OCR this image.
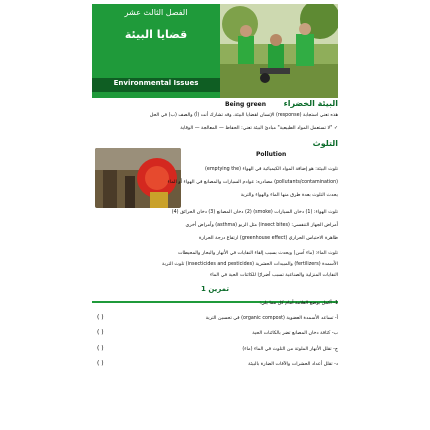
الفصل الثالث عشر
قضايا البيئة
Environmental Issues
Being green البيئة الخضراء
هذه تعني استجابة (response) الإنسان لقضايا البيئة، وقد تشارك أنت (أ) والصف (ب) في الحل
✓ "لا تستعمل المواد الطبيعية" مبادئ البيئة تعني: الحفاظ — المعالجة — الوقاية
التلوث
Pollution
تلوث البيئة: هو إضافة المواد الكيميائية في الهواء (emptying the)
(pollutants/contamination) مصادره: عوادم السيارات والمصانع في الهواء أو الماء
يحدث التلوث بعدة طرق منها الماء والهواء والتربة
تلوث الهواء: (1) دخان السيارات (smoke) (2) دخان المصانع (3) دخان الحرائق (4)
أمراض الجهاز التنفسي: (insect bites) مثل الربو (asthma) وأمراض أخرى
ظاهرة الاحتباس الحراري (greenhouse effect) ارتفاع درجة الحرارة
تلوث الماء: (ماء آسن) ويحدث بسبب إلقاء النفايات في الأنهار والبحار والمحيطات
الأسمدة (fertilizers) والمبيدات الحشرية (insecticides and pesticides) تلوث التربة
النفايات المنزلية والصناعية تسبب أضرارًا للكائنات الحية في الماء
تمرين 1
1- أكمل بوضع العلامة أمام كل مما يلي:
أ- تساعد الأسمدة العضوية (organic compost) في تحسين التربة
( )
ب- كثافة دخان المصانع تضر بالكائنات الحية
( )
ج- تقلل الأنهار الملوثة من التلوث في الماء (ماء)
( )
د- تقلل أعداد الحشرات والآفات الضارة بالبيئة
( )
